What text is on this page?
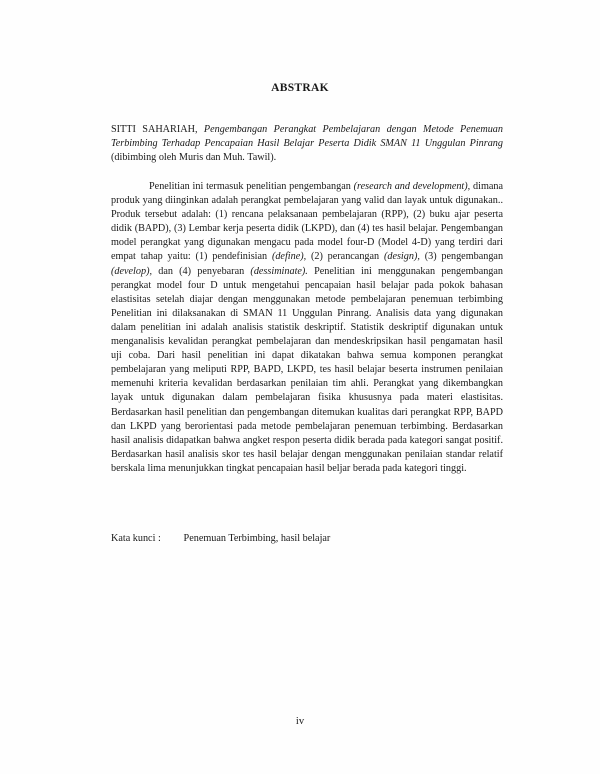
ABSTRAK
SITTI SAHARIAH, Pengembangan Perangkat Pembelajaran dengan Metode Penemuan Terbimbing Terhadap Pencapaian Hasil Belajar Peserta Didik SMAN 11 Unggulan Pinrang (dibimbing oleh Muris dan Muh. Tawil).

Penelitian ini termasuk penelitian pengembangan (research and development), dimana produk yang diinginkan adalah perangkat pembelajaran yang valid dan layak untuk digunakan.. Produk tersebut adalah: (1) rencana pelaksanaan pembelajaran (RPP), (2) buku ajar peserta didik (BAPD), (3) Lembar kerja peserta didik (LKPD), dan (4) tes hasil belajar. Pengembangan model perangkat yang digunakan mengacu pada model four-D (Model 4-D) yang terdiri dari empat tahap yaitu: (1) pendefinisian (define), (2) perancangan (design), (3) pengembangan (develop), dan (4) penyebaran (dessiminate). Penelitian ini menggunakan pengembangan perangkat model four D untuk mengetahui pencapaian hasil belajar pada pokok bahasan elastisitas setelah diajar dengan menggunakan metode pembelajaran penemuan terbimbing Penelitian ini dilaksanakan di SMAN 11 Unggulan Pinrang. Analisis data yang digunakan dalam penelitian ini adalah analisis statistik deskriptif. Statistik deskriptif digunakan untuk menganalisis kevalidan perangkat pembelajaran dan mendeskripsikan hasil pengamatan hasil uji coba. Dari hasil penelitian ini dapat dikatakan bahwa semua komponen perangkat pembelajaran yang meliputi RPP, BAPD, LKPD, tes hasil belajar beserta instrumen penilaian memenuhi kriteria kevalidan berdasarkan penilaian tim ahli. Perangkat yang dikembangkan layak untuk digunakan dalam pembelajaran fisika khususnya pada materi elastisitas. Berdasarkan hasil penelitian dan pengembangan ditemukan kualitas dari perangkat RPP, BAPD dan LKPD yang berorientasi pada metode pembelajaran penemuan terbimbing. Berdasarkan hasil analisis didapatkan bahwa angket respon peserta didik berada pada kategori sangat positif. Berdasarkan hasil analisis skor tes hasil belajar dengan menggunakan penilaian standar relatif berskala lima menunjukkan tingkat pencapaian hasil beljar berada pada kategori tinggi.

Kata kunci : Penemuan Terbimbing, hasil belajar
iv
